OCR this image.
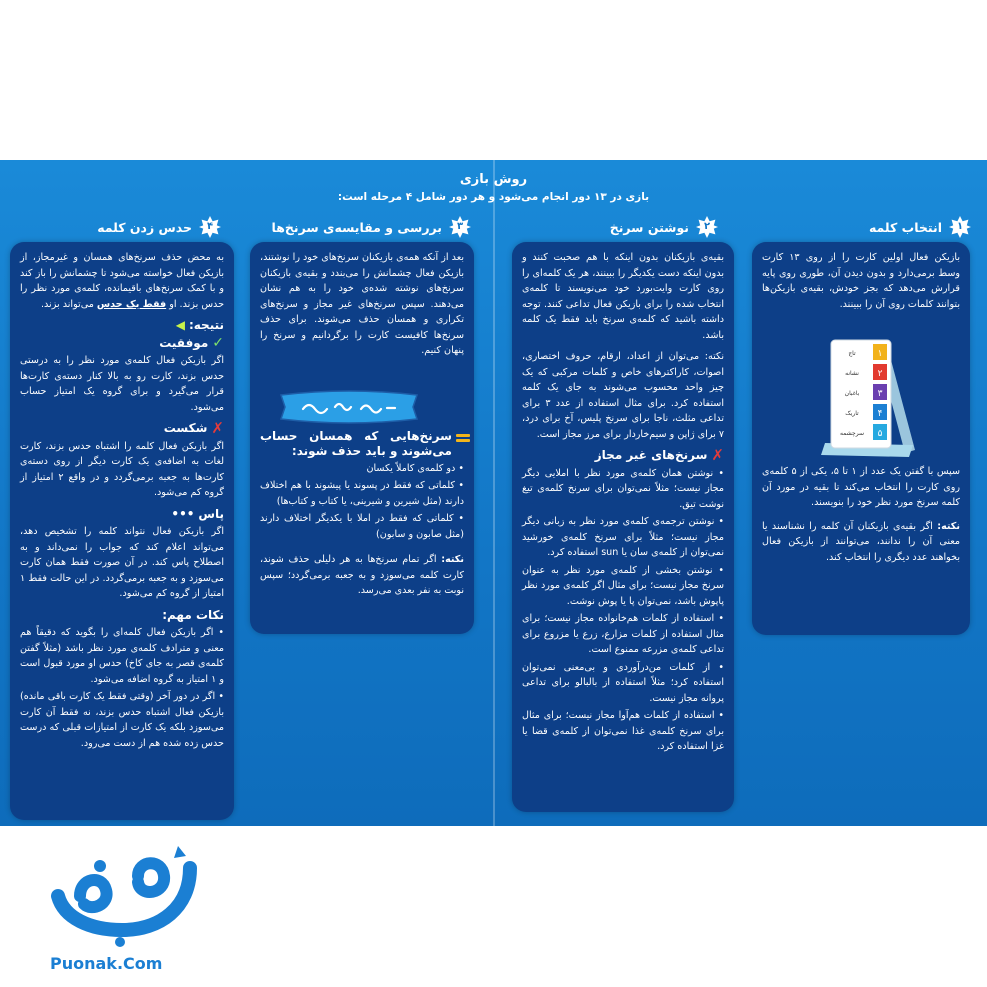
روش بازی
بازی در ۱۳ دور انجام می‌شود و هر دور شامل ۴ مرحله است:
۱
انتخاب کلمه
۲
نوشتن سرنخ
۳
بررسی و مقایسه‌ی سرنخ‌ها
۴
حدس زدن کلمه

بازیکن فعال اولین کارت را از روی ۱۳ کارت وسط برمی‌دارد و بدون دیدن آن، طوری روی پایه قرارش می‌دهد که بجز خودش، بقیه‌ی بازیکن‌ها بتوانند کلمات روی آن را ببینند.

سپس با گفتن یک عدد از ۱ تا ۵، یکی از ۵ کلمه‌ی روی کارت را انتخاب می‌کند تا بقیه در مورد آن کلمه سرنخ مورد نظر خود را بنویسند.

نکته: اگر بقیه‌ی بازیکنان آن کلمه را نشناسند یا معنی آن را ندانند، می‌توانند از بازیکن فعال بخواهند عدد دیگری را انتخاب کند.

۱
۲
۳
۴
۵
تاج
نشانه
باغبان
تاریک
سرچشمه

بقیه‌ی بازیکنان بدون اینکه با هم صحبت کنند و بدون اینکه دست یکدیگر را ببینند، هر یک کلمه‌ای را روی کارت وایت‌بورد خود می‌نویسند تا کلمه‌ی انتخاب شده را برای بازیکن فعال تداعی کنند. توجه داشته باشید که کلمه‌ی سرنخ باید فقط یک کلمه باشد.

نکته: می‌توان از اعداد، ارقام، حروف اختصاری، اصوات، کاراکترهای خاص و کلمات مرکبی که یک چیز واحد محسوب می‌شوند به جای یک کلمه استفاده کرد. برای مثال استفاده از عدد ۳ برای تداعی مثلث، ناجا برای سرنخ پلیس، آخ برای درد، ۷ برای ژاپن و سیم‌خاردار برای مرز مجاز است.

✗
سرنخ‌های غیر مجاز

• نوشتن همان کلمه‌ی مورد نظر با املایی دیگر مجاز نیست؛ مثلاً نمی‌توان برای سرنخ کلمه‌ی تیغ نوشت تیق.

• نوشتن ترجمه‌ی کلمه‌ی مورد نظر به زبانی دیگر مجاز نیست؛ مثلاً برای سرنخ کلمه‌ی خورشید نمی‌توان از کلمه‌ی سان یا sun استفاده کرد.

• نوشتن بخشی از کلمه‌ی مورد نظر به عنوان سرنخ مجاز نیست؛ برای مثال اگر کلمه‌ی مورد نظر پاپوش باشد، نمی‌توان پا یا پوش نوشت.

• استفاده از کلمات هم‌خانواده مجاز نیست؛ برای مثال استفاده از کلمات مزارع، زرع یا مزروع برای تداعی کلمه‌ی مزرعه ممنوع است.

• از کلمات من‌درآوردی و بی‌معنی نمی‌توان استفاده کرد؛ مثلاً استفاده از بالبالو برای تداعی پروانه مجاز نیست.

• استفاده از کلمات هم‌آوا مجاز نیست؛ برای مثال برای سرنخ کلمه‌ی غذا نمی‌توان از کلمه‌ی قضا یا غزا استفاده کرد.

بعد از آنکه همه‌ی بازیکنان سرنخ‌های خود را نوشتند، بازیکن فعال چشمانش را می‌بندد و بقیه‌ی بازیکنان سرنخ‌های نوشته شده‌ی خود را به هم نشان می‌دهند. سپس سرنخ‌های غیر مجاز و سرنخ‌های تکراری و همسان حذف می‌شوند. برای حذف سرنخ‌ها کافیست کارت را برگردانیم و سرنخ را پنهان کنیم.

سرنخ‌هایی که همسان حساب می‌شوند و باید حذف شوند:

• دو کلمه‌ی کاملاً یکسان

• کلماتی که فقط در پسوند یا پیشوند با هم اختلاف دارند (مثل شیرین و شیرینی، یا کتاب و کتاب‌ها)

• کلماتی که فقط در املا با یکدیگر اختلاف دارند (مثل صابون و سابون)

نکته: اگر تمام سرنخ‌ها به هر دلیلی حذف شوند، کارت کلمه می‌سوزد و به جعبه برمی‌گردد؛ سپس نوبت به نفر بعدی می‌رسد.

به محض حذف سرنخ‌های همسان و غیرمجاز، از بازیکن فعال خواسته می‌شود تا چشمانش را باز کند و با کمک سرنخ‌های باقیمانده، کلمه‌ی مورد نظر را حدس بزند. او فقط یک حدس می‌تواند بزند.

نتیجه:
◀
✓
موفقیت

اگر بازیکن فعال کلمه‌ی مورد نظر را به درستی حدس بزند، کارت رو به بالا کنار دسته‌ی کارت‌ها قرار می‌گیرد و برای گروه یک امتیاز حساب می‌شود.

✗
شکست

اگر بازیکن فعال کلمه را اشتباه حدس بزند، کارت لغات به اضافه‌ی یک کارت دیگر از روی دسته‌ی کارت‌ها به جعبه برمی‌گردد و در واقع ۲ امتیاز از گروه کم می‌شود.

پاس
•••

اگر بازیکن فعال نتواند کلمه را تشخیص دهد، می‌تواند اعلام کند که جواب را نمی‌داند و به اصطلاح پاس کند. در آن صورت فقط همان کارت می‌سوزد و به جعبه برمی‌گردد. در این حالت فقط ۱ امتیاز از گروه کم می‌شود.

نکات مهم:

• اگر بازیکن فعال کلمه‌ای را بگوید که دقیقاً هم معنی و مترادف کلمه‌ی مورد نظر باشد (مثلاً گفتن کلمه‌ی قصر به جای کاخ) حدس او مورد قبول است و ۱ امتیاز به گروه اضافه می‌شود.

• اگر در دور آخر (وقتی فقط یک کارت باقی مانده) بازیکن فعال اشتباه حدس بزند، نه فقط آن کارت می‌سوزد بلکه یک کارت از امتیازات قبلی که درست حدس زده شده هم از دست می‌رود.

Puonak.Com
